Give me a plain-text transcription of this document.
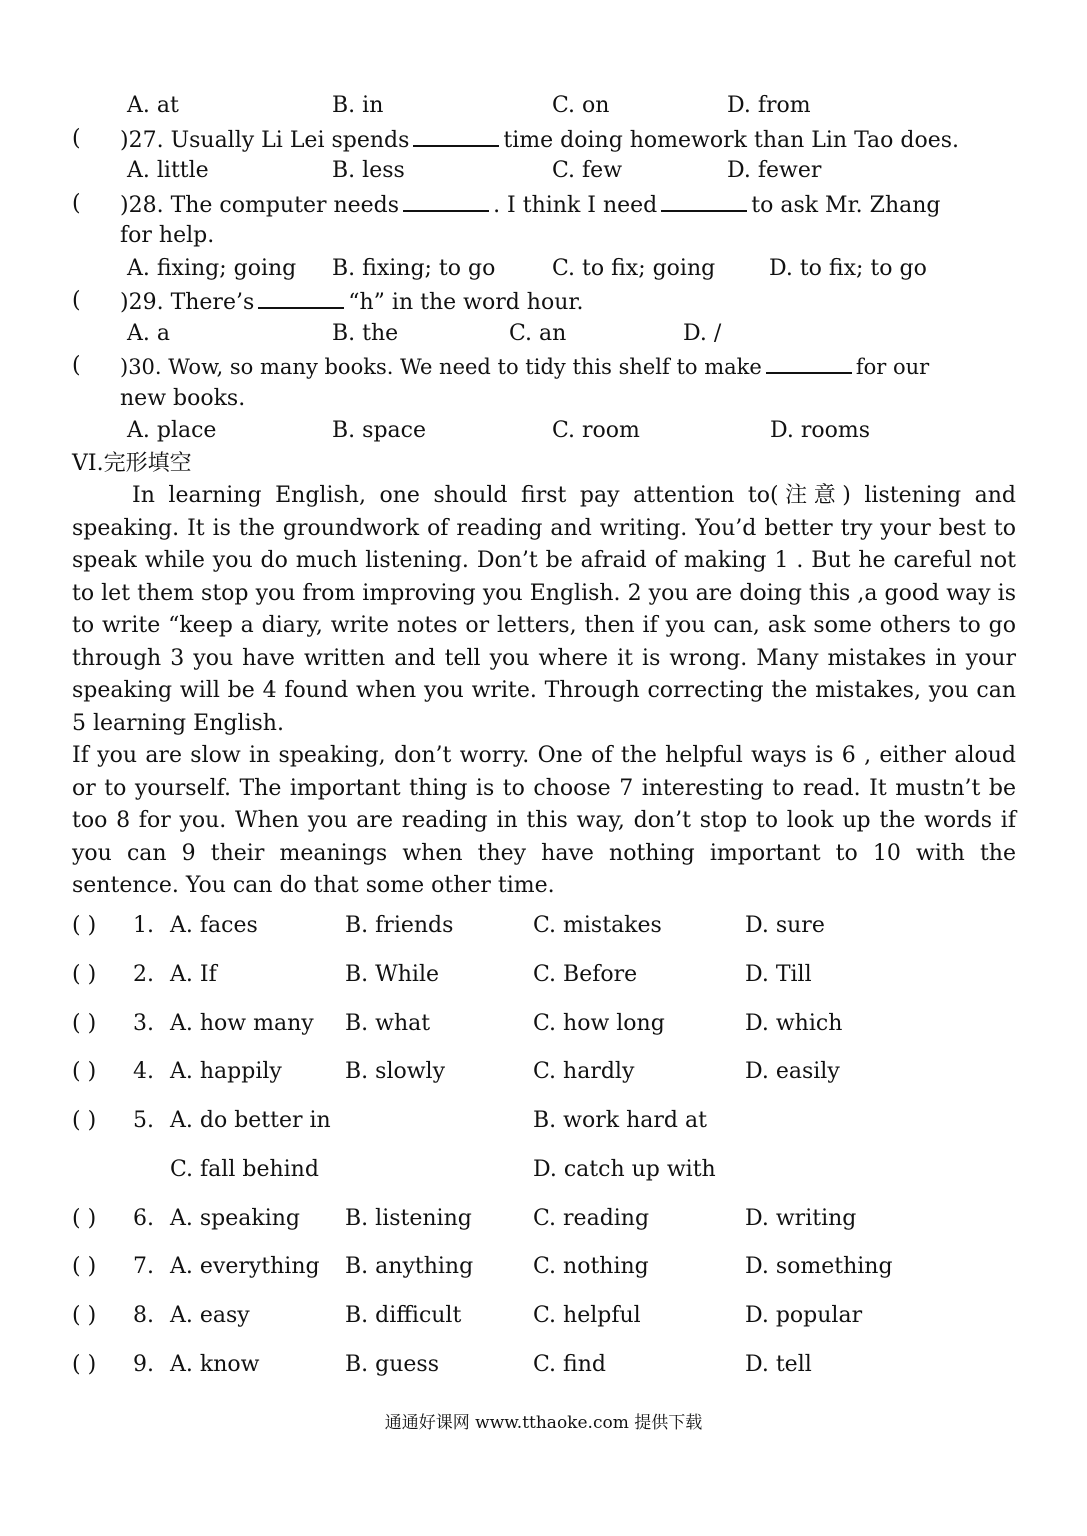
A. at	B. in	C. on	D. from
( )27. Usually Li Lei spends	time doing homework than Lin Tao does.
A. little	B. less	C. few	D. fewer
( )28. The computer needs	. I think I need	to ask Mr. Zhang
for help.
A. fixing; going B. fixing; to go	C. to fix; going D. to fix; to go
( )29. There’s	“h” in the word hour.
A. a	B. the	C. an	D. /
( )30. Wow, so many books. We need to tidy this shelf to make	for our
new books.
A. place	B. space	C. room	D. rooms
VI.完形填空
In learning English, one should first pay attention to(注意) listening and speaking. It is the groundwork of reading and writing. You’d better try your best to speak while you do much listening. Don’t be afraid of making 1 . But he careful not to let them stop you from improving you English. 2 you are doing this ,a good way is to write “keep a diary, write notes or letters, then if you can, ask some others to go through 3 you have written and tell you where it is wrong. Many mistakes in your speaking will be 4 found when you write. Through correcting the mistakes, you can 5 learning English.
If you are slow in speaking, don’t worry. One of the helpful ways is 6 , either aloud or to yourself. The important thing is to choose 7 interesting to read. It mustn’t be too 8 for you. When you are reading in this way, don’t stop to look up the words if you can 9 their meanings when they have nothing important to 10 with the sentence. You can do that some other time.
( ) 1. A. faces	B. friends	C. mistakes	D. sure
( ) 2. A. If	B. While	C. Before	D. Till
( ) 3. A. how many B. what	C. how long	D. which
( ) 4. A. happily	B. slowly	C. hardly	D. easily
( ) 5. A. do better in	B. work hard at
C. fall behind	D. catch up with
( ) 6. A. speaking B. listening	C. reading	D. writing
( ) 7. A. everything B. anything	C. nothing	D. something
( ) 8. A. easy	B. difficult	C. helpful	D. popular
( ) 9. A. know	B. guess	C. find	D. tell
通通好课网 www.tthaoke.com 提供下载
